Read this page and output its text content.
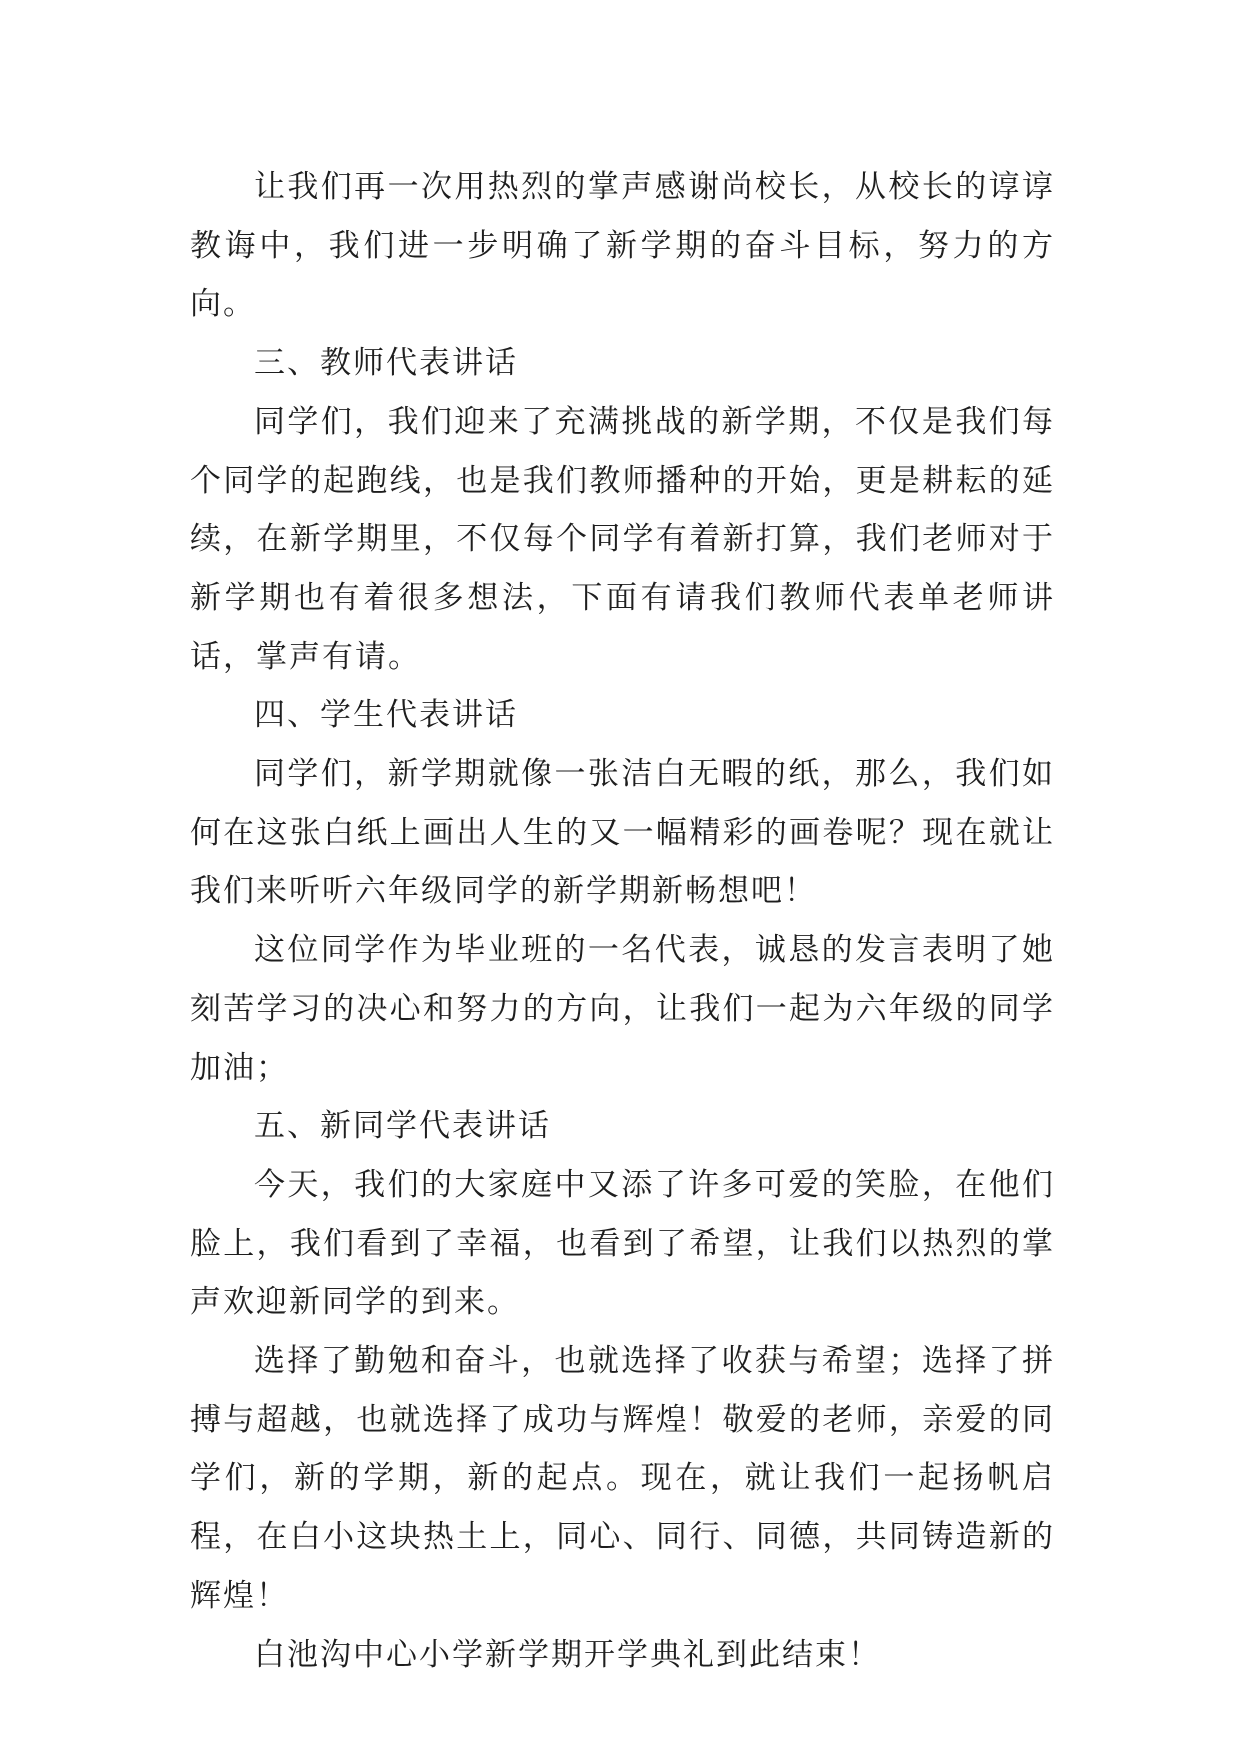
让我们再一次用热烈的掌声感谢尚校长，从校长的谆谆教诲中，我们进一步明确了新学期的奋斗目标，努力的方向。

三、教师代表讲话

同学们，我们迎来了充满挑战的新学期，不仅是我们每个同学的起跑线，也是我们教师播种的开始，更是耕耘的延续，在新学期里，不仅每个同学有着新打算，我们老师对于新学期也有着很多想法，下面有请我们教师代表单老师讲话，掌声有请。

四、学生代表讲话

同学们，新学期就像一张洁白无暇的纸，那么，我们如何在这张白纸上画出人生的又一幅精彩的画卷呢？现在就让我们来听听六年级同学的新学期新畅想吧！

这位同学作为毕业班的一名代表，诚恳的发言表明了她刻苦学习的决心和努力的方向，让我们一起为六年级的同学加油；

五、新同学代表讲话

今天，我们的大家庭中又添了许多可爱的笑脸，在他们脸上，我们看到了幸福，也看到了希望，让我们以热烈的掌声欢迎新同学的到来。

选择了勤勉和奋斗，也就选择了收获与希望；选择了拼搏与超越，也就选择了成功与辉煌！敬爱的老师，亲爱的同学们，新的学期，新的起点。现在，就让我们一起扬帆启程，在白小这块热土上，同心、同行、同德，共同铸造新的辉煌！

白池沟中心小学新学期开学典礼到此结束！
